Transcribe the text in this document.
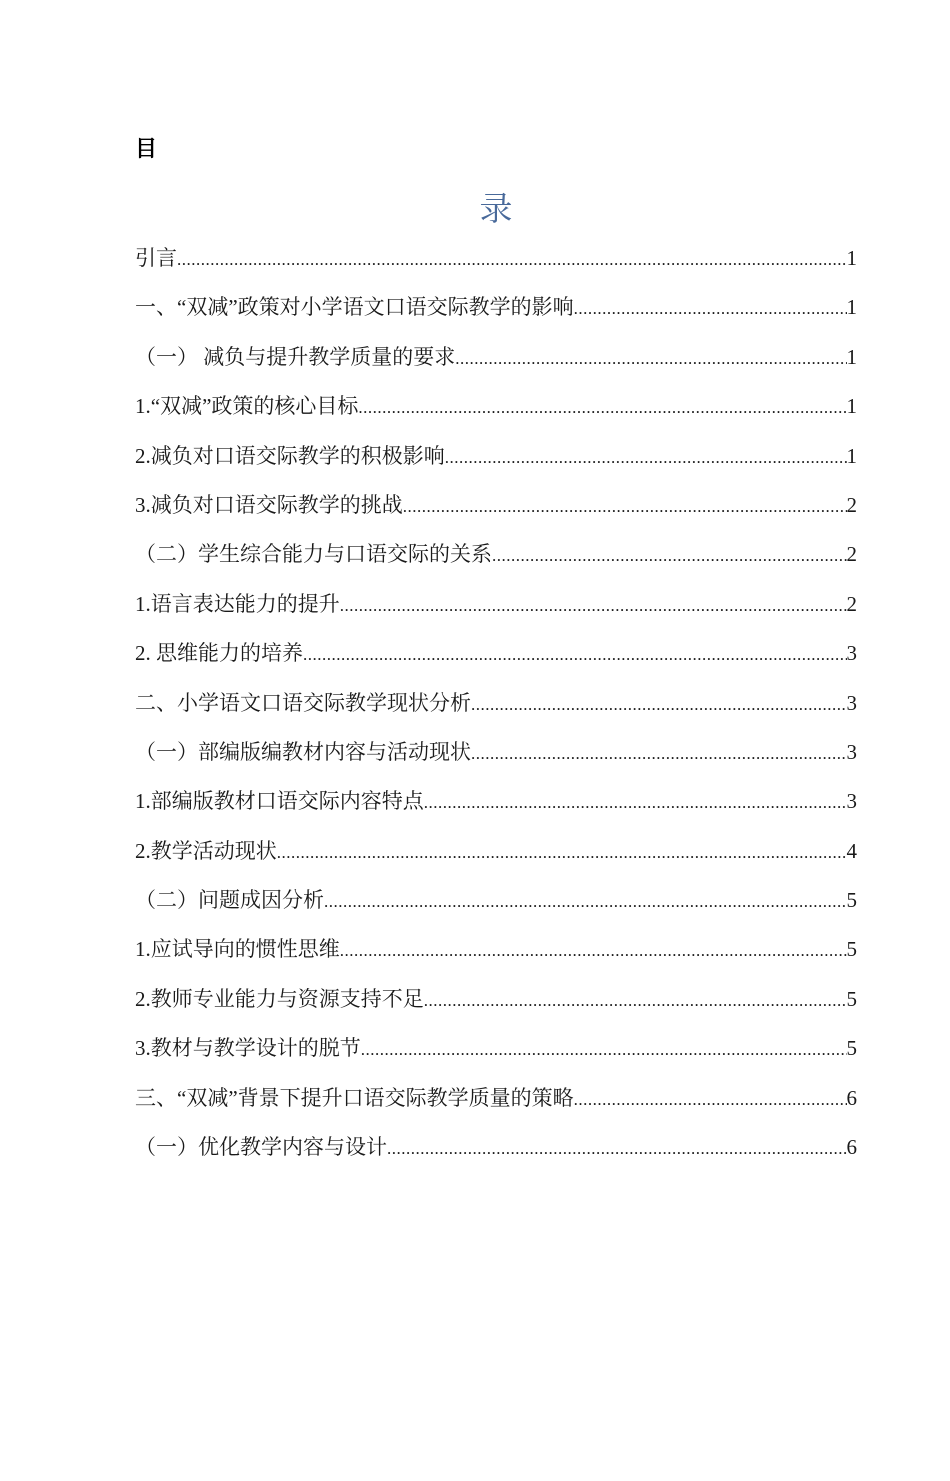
目
录
引言 .....	1
一、“双减”政策对小学语文口语交际教学的影响 .....	1
（一） 减负与提升教学质量的要求 .....	1
1.“双减”政策的核心目标 .....	1
2.减负对口语交际教学的积极影响 .....	1
3.减负对口语交际教学的挑战 .....	2
（二）学生综合能力与口语交际的关系 .....	2
1.语言表达能力的提升 .....	2
2. 思维能力的培养 .....	3
二、小学语文口语交际教学现状分析 .....	3
（一）部编版编教材内容与活动现状 .....	3
1.部编版教材口语交际内容特点 .....	3
2.教学活动现状 .....	4
（二）问题成因分析 .....	5
1.应试导向的惯性思维 .....	5
2.教师专业能力与资源支持不足 .....	5
3.教材与教学设计的脱节 .....	5
三、“双减”背景下提升口语交际教学质量的策略 .....	6
（一）优化教学内容与设计 .....	6
